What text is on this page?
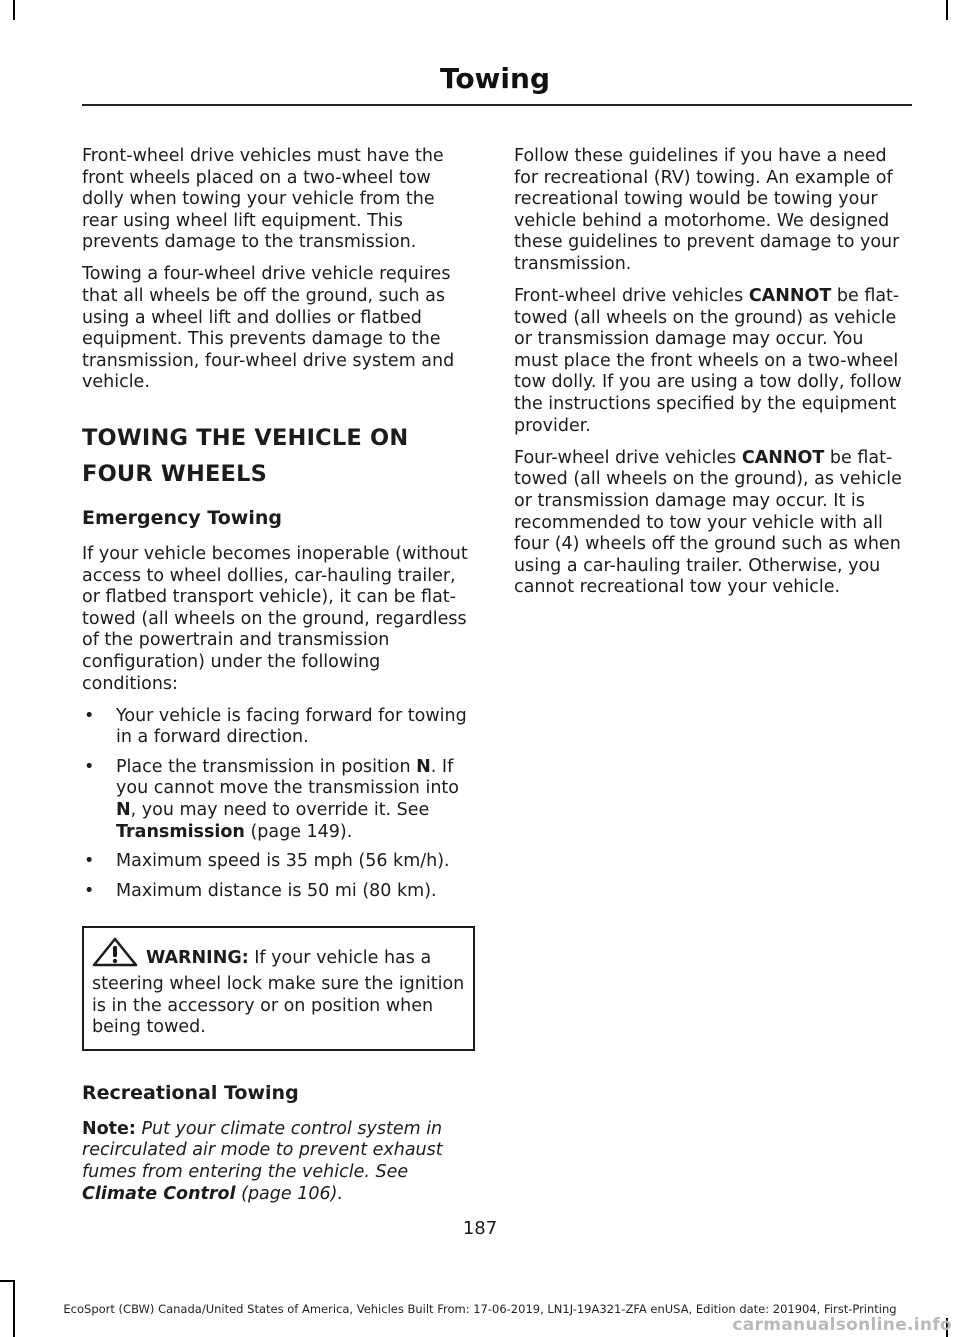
Towing

Front-wheel drive vehicles must have the front wheels placed on a two-wheel tow dolly when towing your vehicle from the rear using wheel lift equipment. This prevents damage to the transmission.

Towing a four-wheel drive vehicle requires that all wheels be off the ground, such as using a wheel lift and dollies or flatbed equipment. This prevents damage to the transmission, four-wheel drive system and vehicle.

TOWING THE VEHICLE ON
FOUR WHEELS
Emergency Towing

If your vehicle becomes inoperable (without access to wheel dollies, car-hauling trailer, or flatbed transport vehicle), it can be flat-towed (all wheels on the ground, regardless of the powertrain and transmission configuration) under the following conditions:

• Your vehicle is facing forward for towing in a forward direction.
• Place the transmission in position N. If you cannot move the transmission into N, you may need to override it. See Transmission (page 149).
• Maximum speed is 35 mph (56 km/h).
• Maximum distance is 50 mi (80 km).
WARNING: If your vehicle has a steering wheel lock make sure the ignition is in the accessory or on position when being towed.
Recreational Towing

Note: Put your climate control system in recirculated air mode to prevent exhaust fumes from entering the vehicle. See Climate Control (page 106).

Follow these guidelines if you have a need for recreational (RV) towing. An example of recreational towing would be towing your vehicle behind a motorhome. We designed these guidelines to prevent damage to your transmission.

Front-wheel drive vehicles CANNOT be flat-towed (all wheels on the ground) as vehicle or transmission damage may occur. You must place the front wheels on a two-wheel tow dolly. If you are using a tow dolly, follow the instructions specified by the equipment provider.

Four-wheel drive vehicles CANNOT be flat-towed (all wheels on the ground), as vehicle or transmission damage may occur. It is recommended to tow your vehicle with all four (4) wheels off the ground such as when using a car-hauling trailer. Otherwise, you cannot recreational tow your vehicle.

187
EcoSport (CBW) Canada/United States of America, Vehicles Built From: 17-06-2019, LN1J-19A321-ZFA enUSA, Edition date: 201904, First-Printing
carmanualsonline.info
